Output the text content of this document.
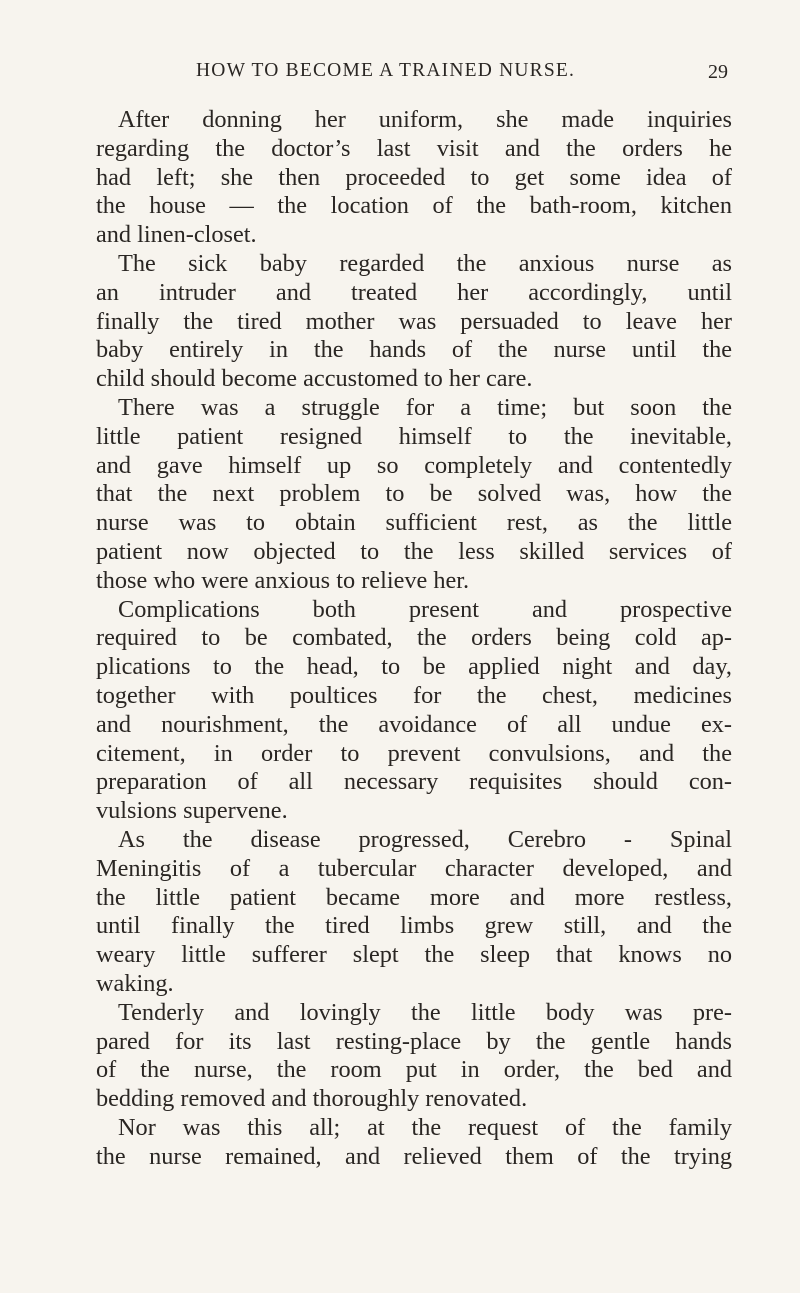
HOW TO BECOME A TRAINED NURSE.	29
After donning her uniform, she made inquiries
regarding the doctor’s last visit and the orders he
had left; she then proceeded to get some idea of
the house — the location of the bath-room, kitchen
and linen-closet.
The sick baby regarded the anxious nurse as
an intruder and treated her accordingly, until
finally the tired mother was persuaded to leave her
baby entirely in the hands of the nurse until the
child should become accustomed to her care.
There was a struggle for a time; but soon the
little patient resigned himself to the inevitable,
and gave himself up so completely and contentedly
that the next problem to be solved was, how the
nurse was to obtain sufficient rest, as the little
patient now objected to the less skilled services of
those who were anxious to relieve her.
Complications both present and prospective
required to be combated, the orders being cold ap-
plications to the head, to be applied night and day,
together with poultices for the chest, medicines
and nourishment, the avoidance of all undue ex-
citement, in order to prevent convulsions, and the
preparation of all necessary requisites should con-
vulsions supervene.
As the disease progressed, Cerebro - Spinal
Meningitis of a tubercular character developed, and
the little patient became more and more restless,
until finally the tired limbs grew still, and the
weary little sufferer slept the sleep that knows no
waking.
Tenderly and lovingly the little body was pre-
pared for its last resting-place by the gentle hands
of the nurse, the room put in order, the bed and
bedding removed and thoroughly renovated.
Nor was this all; at the request of the family
the nurse remained, and relieved them of the trying
